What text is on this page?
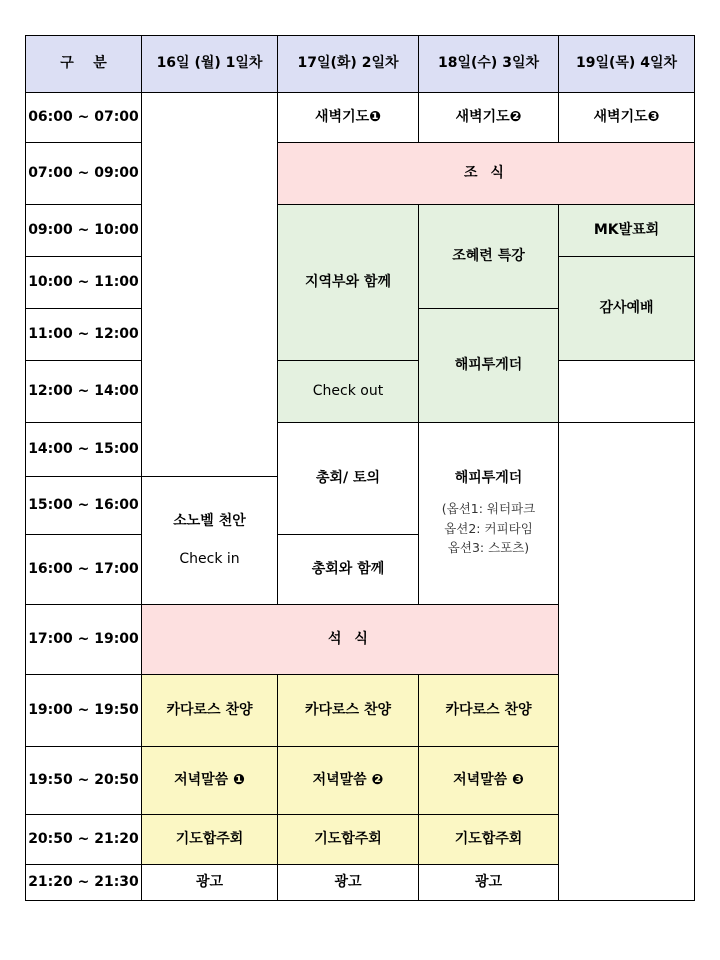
구    분	16일 (월) 1일차	17일(화) 2일차	18일(수) 3일차	19일(목) 4일차
06:00 ~ 07:00		새벽기도❶	새벽기도❷	새벽기도❸
07:00 ~ 09:00		조 식		
09:00 ~ 10:00		지역부와 함께	조혜련 특강	MK발표회
10:00 ~ 11:00				감사예배
11:00 ~ 12:00			해피투게더	
12:00 ~ 14:00		Check out		
14:00 ~ 15:00		총회/ 토의	해피투게더
(옵션1: 워터파크
옵션2: 커피타임
옵션3: 스포츠)	

15:00 ~ 16:00	소노벨 천안
Check in			

16:00 ~ 17:00		총회와 함께		
17:00 ~ 19:00	석 식			
19:00 ~ 19:50	카다로스 찬양	카다로스 찬양	카다로스 찬양	
19:50 ~ 20:50	저녁말씀 ❶	저녁말씀 ❷	저녁말씀 ❸	
20:50 ~ 21:20	기도합주회	기도합주회	기도합주회	
21:20 ~ 21:30	광고	광고	광고	
